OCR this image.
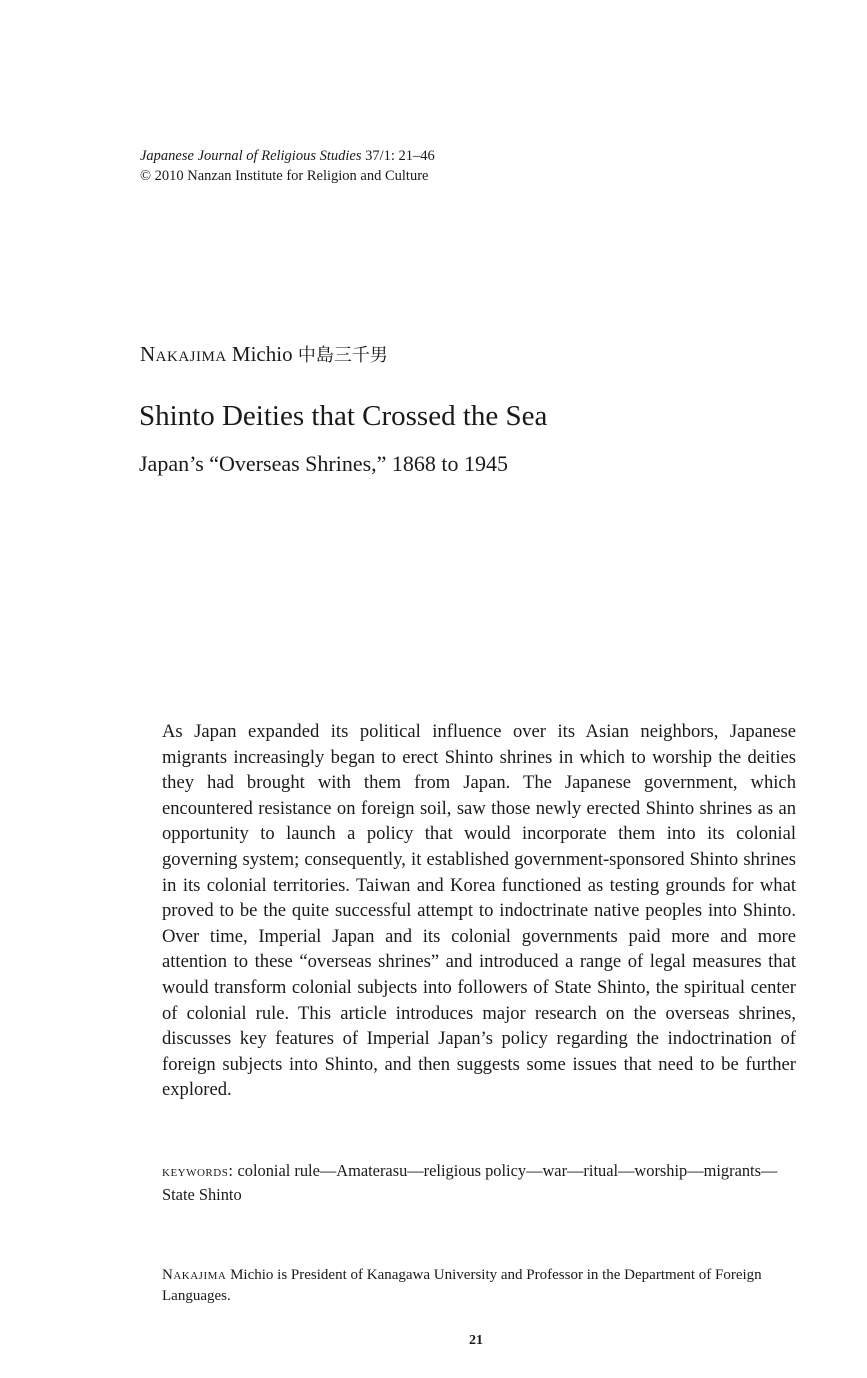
Japanese Journal of Religious Studies 37/1: 21–46
© 2010 Nanzan Institute for Religion and Culture
Nakajima Michio 中島三千男
Shinto Deities that Crossed the Sea
Japan’s “Overseas Shrines,” 1868 to 1945

As Japan expanded its political influence over its Asian neighbors, Japanese migrants increasingly began to erect Shinto shrines in which to worship the deities they had brought with them from Japan. The Japanese government, which encountered resistance on foreign soil, saw those newly erected Shinto shrines as an opportunity to launch a policy that would incorporate them into its colonial governing system; consequently, it established government-sponsored Shinto shrines in its colonial territories. Taiwan and Korea functioned as testing grounds for what proved to be the quite successful attempt to indoctrinate native peoples into Shinto. Over time, Imperial Japan and its colonial governments paid more and more attention to these “overseas shrines” and introduced a range of legal measures that would transform colonial subjects into followers of State Shinto, the spiritual center of colonial rule. This article introduces major research on the overseas shrines, discusses key features of Imperial Japan’s policy regarding the indoctrination of foreign subjects into Shinto, and then suggests some issues that need to be further explored.

keywords: colonial rule—Amaterasu—religious policy—war—ritual—worship—migrants—State Shinto

Nakajima Michio is President of Kanagawa University and Professor in the Department of Foreign Languages.

21
